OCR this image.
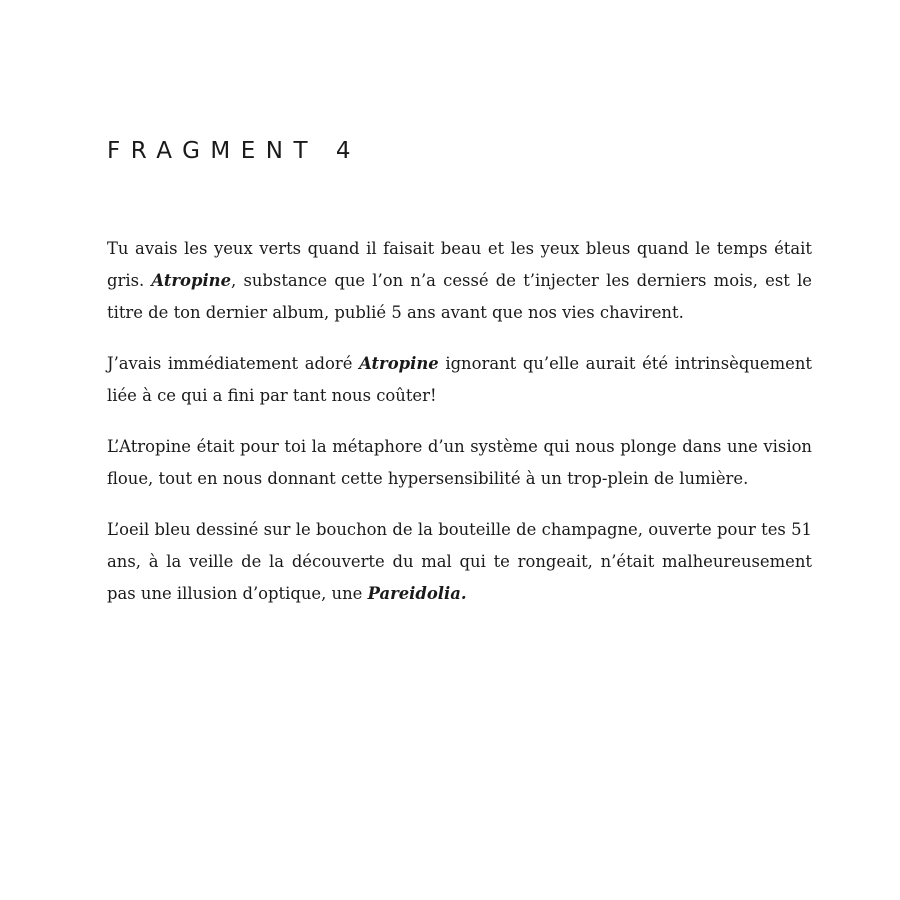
FRAGMENT 4

Tu avais les yeux verts quand il faisait beau et les yeux bleus quand le temps était gris. Atropine, substance que l’on n’a cessé de t’injecter les derniers mois, est le titre de ton dernier album, publié 5 ans avant que nos vies chavirent.

J’avais immédiatement adoré Atropine ignorant qu’elle aurait été intrinsèquement liée à ce qui a fini par tant nous coûter!

L’Atropine était pour toi la métaphore d’un système qui nous plonge dans une vision floue, tout en nous donnant cette hypersensibilité à un trop-plein de lumière.

L’oeil bleu dessiné sur le bouchon de la bouteille de champagne, ouverte pour tes 51 ans, à la veille de la découverte du mal qui te rongeait, n’était malheureusement pas une illusion d’optique, une Pareidolia.
